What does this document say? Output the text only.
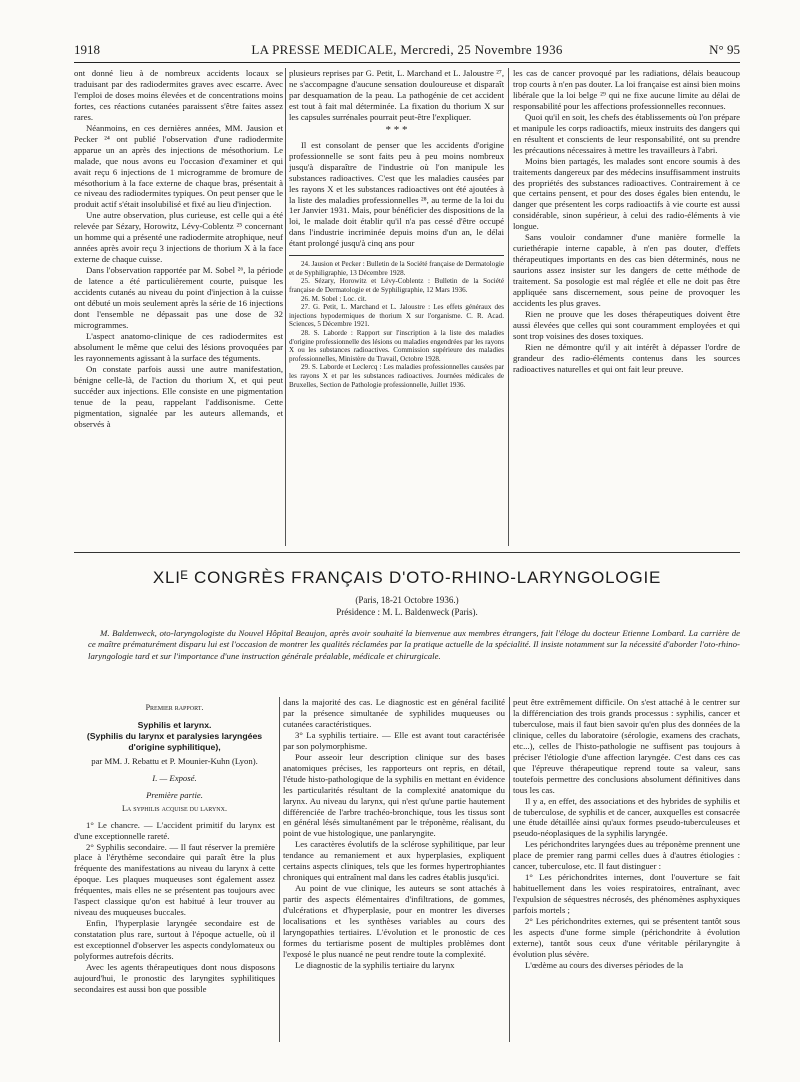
1918	LA PRESSE MEDICALE, Mercredi, 25 Novembre 1936	N° 95

ont donné lieu à de nombreux accidents locaux se traduisant par des radiodermites graves avec escarre. Avec l'emploi de doses moins élevées et de concentrations moins fortes, ces réactions cutanées paraissent s'être faites assez rares.

Néanmoins, en ces dernières années, MM. Jausion et Pecker ²⁴ ont publié l'observation d'une radiodermite apparue un an après des injections de mésothorium. Le malade, que nous avons eu l'occasion d'examiner et qui avait reçu 6 injections de 1 microgramme de bromure de mésothorium à la face externe de chaque bras, présentait à ce niveau des radiodermites typiques. On peut penser que le produit actif s'était insolubilisé et fixé au lieu d'injection.

Une autre observation, plus curieuse, est celle qui a été relevée par Sézary, Horowitz, Lévy-Coblentz ²⁵ concernant un homme qui a présenté une radiodermite atrophique, neuf années après avoir reçu 3 injections de thorium X à la face externe de chaque cuisse.

Dans l'observation rapportée par M. Sobel ²⁶, la période de latence a été particulièrement courte, puisque les accidents cutanés au niveau du point d'injection à la cuisse ont débuté un mois seulement après la série de 16 injections dont l'ensemble ne dépassait pas une dose de 32 microgrammes.

L'aspect anatomo-clinique de ces radiodermites est absolument le même que celui des lésions provoquées par les rayonnements agissant à la surface des téguments.

On constate parfois aussi une autre manifestation, bénigne celle-là, de l'action du thorium X, et qui peut succéder aux injections. Elle consiste en une pigmentation tenue de la peau, rappelant l'addisonisme. Cette pigmentation, signalée par les auteurs allemands, et observés à

plusieurs reprises par G. Petit, L. Marchand et L. Jaloustre ²⁷, ne s'accompagne d'aucune sensation douloureuse et disparaît par desquamation de la peau. La pathogénie de cet accident est tout à fait mal déterminée. La fixation du thorium X sur les capsules surrénales pourrait peut-être l'expliquer.

* * *

Il est consolant de penser que les accidents d'origine professionnelle se sont faits peu à peu moins nombreux jusqu'à disparaître de l'industrie où l'on manipule les substances radioactives. C'est que les maladies causées par les rayons X et les substances radioactives ont été ajoutées à la liste des maladies professionnelles ²⁸, au terme de la loi du 1er Janvier 1931. Mais, pour bénéficier des dispositions de la loi, le malade doit établir qu'il n'a pas cessé d'être occupé dans l'industrie incriminée depuis moins d'un an, le délai étant prolongé jusqu'à cinq ans pour

24. Jausion et Pecker : Bulletin de la Société française de Dermatologie et de Syphiligraphie, 13 Décembre 1928.

25. Sézary, Horowitz et Lévy-Coblentz : Bulletin de la Société française de Dermatologie et de Syphiligraphie, 12 Mars 1936.

26. M. Sobel : Loc. cit.

27. G. Petit, L. Marchand et L. Jaloustre : Les effets généraux des injections hypodermiques de thorium X sur l'organisme. C. R. Acad. Sciences, 5 Décembre 1921.

28. S. Laborde : Rapport sur l'inscription à la liste des maladies d'origine professionnelle des lésions ou maladies engendrées par les rayons X ou les substances radioactives. Commission supérieure des maladies professionnelles, Ministère du Travail, Octobre 1928.

29. S. Laborde et Leclercq : Les maladies professionnelles causées par les rayons X et par les substances radioactives. Journées médicales de Bruxelles, Section de Pathologie professionnelle, Juillet 1936.

les cas de cancer provoqué par les radiations, délais beaucoup trop courts à n'en pas douter. La loi française est ainsi bien moins libérale que la loi belge ²⁹ qui ne fixe aucune limite au délai de responsabilité pour les affections professionnelles reconnues.

Quoi qu'il en soit, les chefs des établissements où l'on prépare et manipule les corps radioactifs, mieux instruits des dangers qui en résultent et conscients de leur responsabilité, ont su prendre les précautions nécessaires à mettre les travailleurs à l'abri.

Moins bien partagés, les malades sont encore soumis à des traitements dangereux par des médecins insuffisamment instruits des propriétés des substances radioactives. Contrairement à ce que certains pensent, et pour des doses égales bien entendu, le danger que présentent les corps radioactifs à vie courte est aussi considérable, sinon supérieur, à celui des radio-éléments à vie longue.

Sans vouloir condamner d'une manière formelle la curiethérapie interne capable, à n'en pas douter, d'effets thérapeutiques importants en des cas bien déterminés, nous ne saurions assez insister sur les dangers de cette méthode de traitement. Sa posologie est mal réglée et elle ne doit pas être appliquée sans discernement, sous peine de provoquer les accidents les plus graves.

Rien ne prouve que les doses thérapeutiques doivent être aussi élevées que celles qui sont couramment employées et qui sont trop voisines des doses toxiques.

Rien ne démontre qu'il y ait intérêt à dépasser l'ordre de grandeur des radio-éléments contenus dans les sources radioactives naturelles et qui ont fait leur preuve.

XLIᴱ CONGRÈS FRANÇAIS D'OTO-RHINO-LARYNGOLOGIE
(Paris, 18-21 Octobre 1936.)
Présidence : M. L. Baldenweck (Paris).

M. Baldenweck, oto-laryngologiste du Nouvel Hôpital Beaujon, après avoir souhaité la bienvenue aux membres étrangers, fait l'éloge du docteur Etienne Lombard. La carrière de ce maître prématurément disparu lui est l'occasion de montrer les qualités réclamées par la pratique actuelle de la spécialité. Il insiste notamment sur la nécessité d'aborder l'oto-rhino-laryngologie tard et sur l'importance d'une instruction générale préalable, médicale et chirurgicale.

Premier rapport.

Syphilis et larynx.

(Syphilis du larynx et paralysies laryngées d'origine syphilitique),

par MM. J. Rebattu et P. Mounier-Kuhn (Lyon).

I. — Exposé.

Première partie.

La syphilis acquise du larynx.

1° Le chancre. — L'accident primitif du larynx est d'une exceptionnelle rareté.

2° Syphilis secondaire. — Il faut réserver la première place à l'érythème secondaire qui paraît être la plus fréquente des manifestations au niveau du larynx à cette époque. Les plaques muqueuses sont également assez fréquentes, mais elles ne se présentent pas toujours avec l'aspect classique qu'on est habitué à leur trouver au niveau des muqueuses buccales.

Enfin, l'hyperplasie laryngée secondaire est de constatation plus rare, surtout à l'époque actuelle, où il est exceptionnel d'observer les aspects condylomateux ou polyformes autrefois décrits.

Avec les agents thérapeutiques dont nous disposons aujourd'hui, le pronostic des laryngites syphilitiques secondaires est aussi bon que possible

dans la majorité des cas. Le diagnostic est en général facilité par la présence simultanée de syphilides muqueuses ou cutanées caractéristiques.

3° La syphilis tertiaire. — Elle est avant tout caractérisée par son polymorphisme.

Pour asseoir leur description clinique sur des bases anatomiques précises, les rapporteurs ont repris, en détail, l'étude histo-pathologique de la syphilis en mettant en évidence les particularités résultant de la complexité anatomique du larynx. Au niveau du larynx, qui n'est qu'une partie hautement différenciée de l'arbre trachéo-bronchique, tous les tissus sont en général lésés simultanément par le tréponème, réalisant, du point de vue histologique, une panlaryngite.

Les caractères évolutifs de la sclérose syphilitique, par leur tendance au remaniement et aux hyperplasies, expliquent certains aspects cliniques, tels que les formes hypertrophiantes chroniques qui entraînent mal dans les cadres établis jusqu'ici.

Au point de vue clinique, les auteurs se sont attachés à partir des aspects élémentaires d'infiltrations, de gommes, d'ulcérations et d'hyperplasie, pour en montrer les diverses localisations et les synthèses variables au cours des laryngopathies tertiaires. L'évolution et le pronostic de ces formes du tertiarisme posent de multiples problèmes dont l'exposé le plus nuancé ne peut rendre toute la complexité.

Le diagnostic de la syphilis tertiaire du larynx

peut être extrêmement difficile. On s'est attaché à le centrer sur la différenciation des trois grands processus : syphilis, cancer et tuberculose, mais il faut bien savoir qu'en plus des données de la clinique, celles du laboratoire (sérologie, examens des crachats, etc...), celles de l'histo-pathologie ne suffisent pas toujours à préciser l'étiologie d'une affection laryngée. C'est dans ces cas que l'épreuve thérapeutique reprend toute sa valeur, sans toutefois permettre des conclusions absolument définitives dans tous les cas.

Il y a, en effet, des associations et des hybrides de syphilis et de tuberculose, de syphilis et de cancer, auxquelles est consacrée une étude détaillée ainsi qu'aux formes pseudo-tuberculeuses et pseudo-néoplasiques de la syphilis laryngée.

Les périchondrites laryngées dues au tréponème prennent une place de premier rang parmi celles dues à d'autres étiologies : cancer, tuberculose, etc. Il faut distinguer :

1° Les périchondrites internes, dont l'ouverture se fait habituellement dans les voies respiratoires, entraînant, avec l'expulsion de séquestres nécrosés, des phénomènes asphyxiques parfois mortels ;

2° Les périchondrites externes, qui se présentent tantôt sous les aspects d'une forme simple (périchondrite à évolution externe), tantôt sous ceux d'une véritable périlaryngite à évolution plus sévère.

L'œdème au cours des diverses périodes de la
